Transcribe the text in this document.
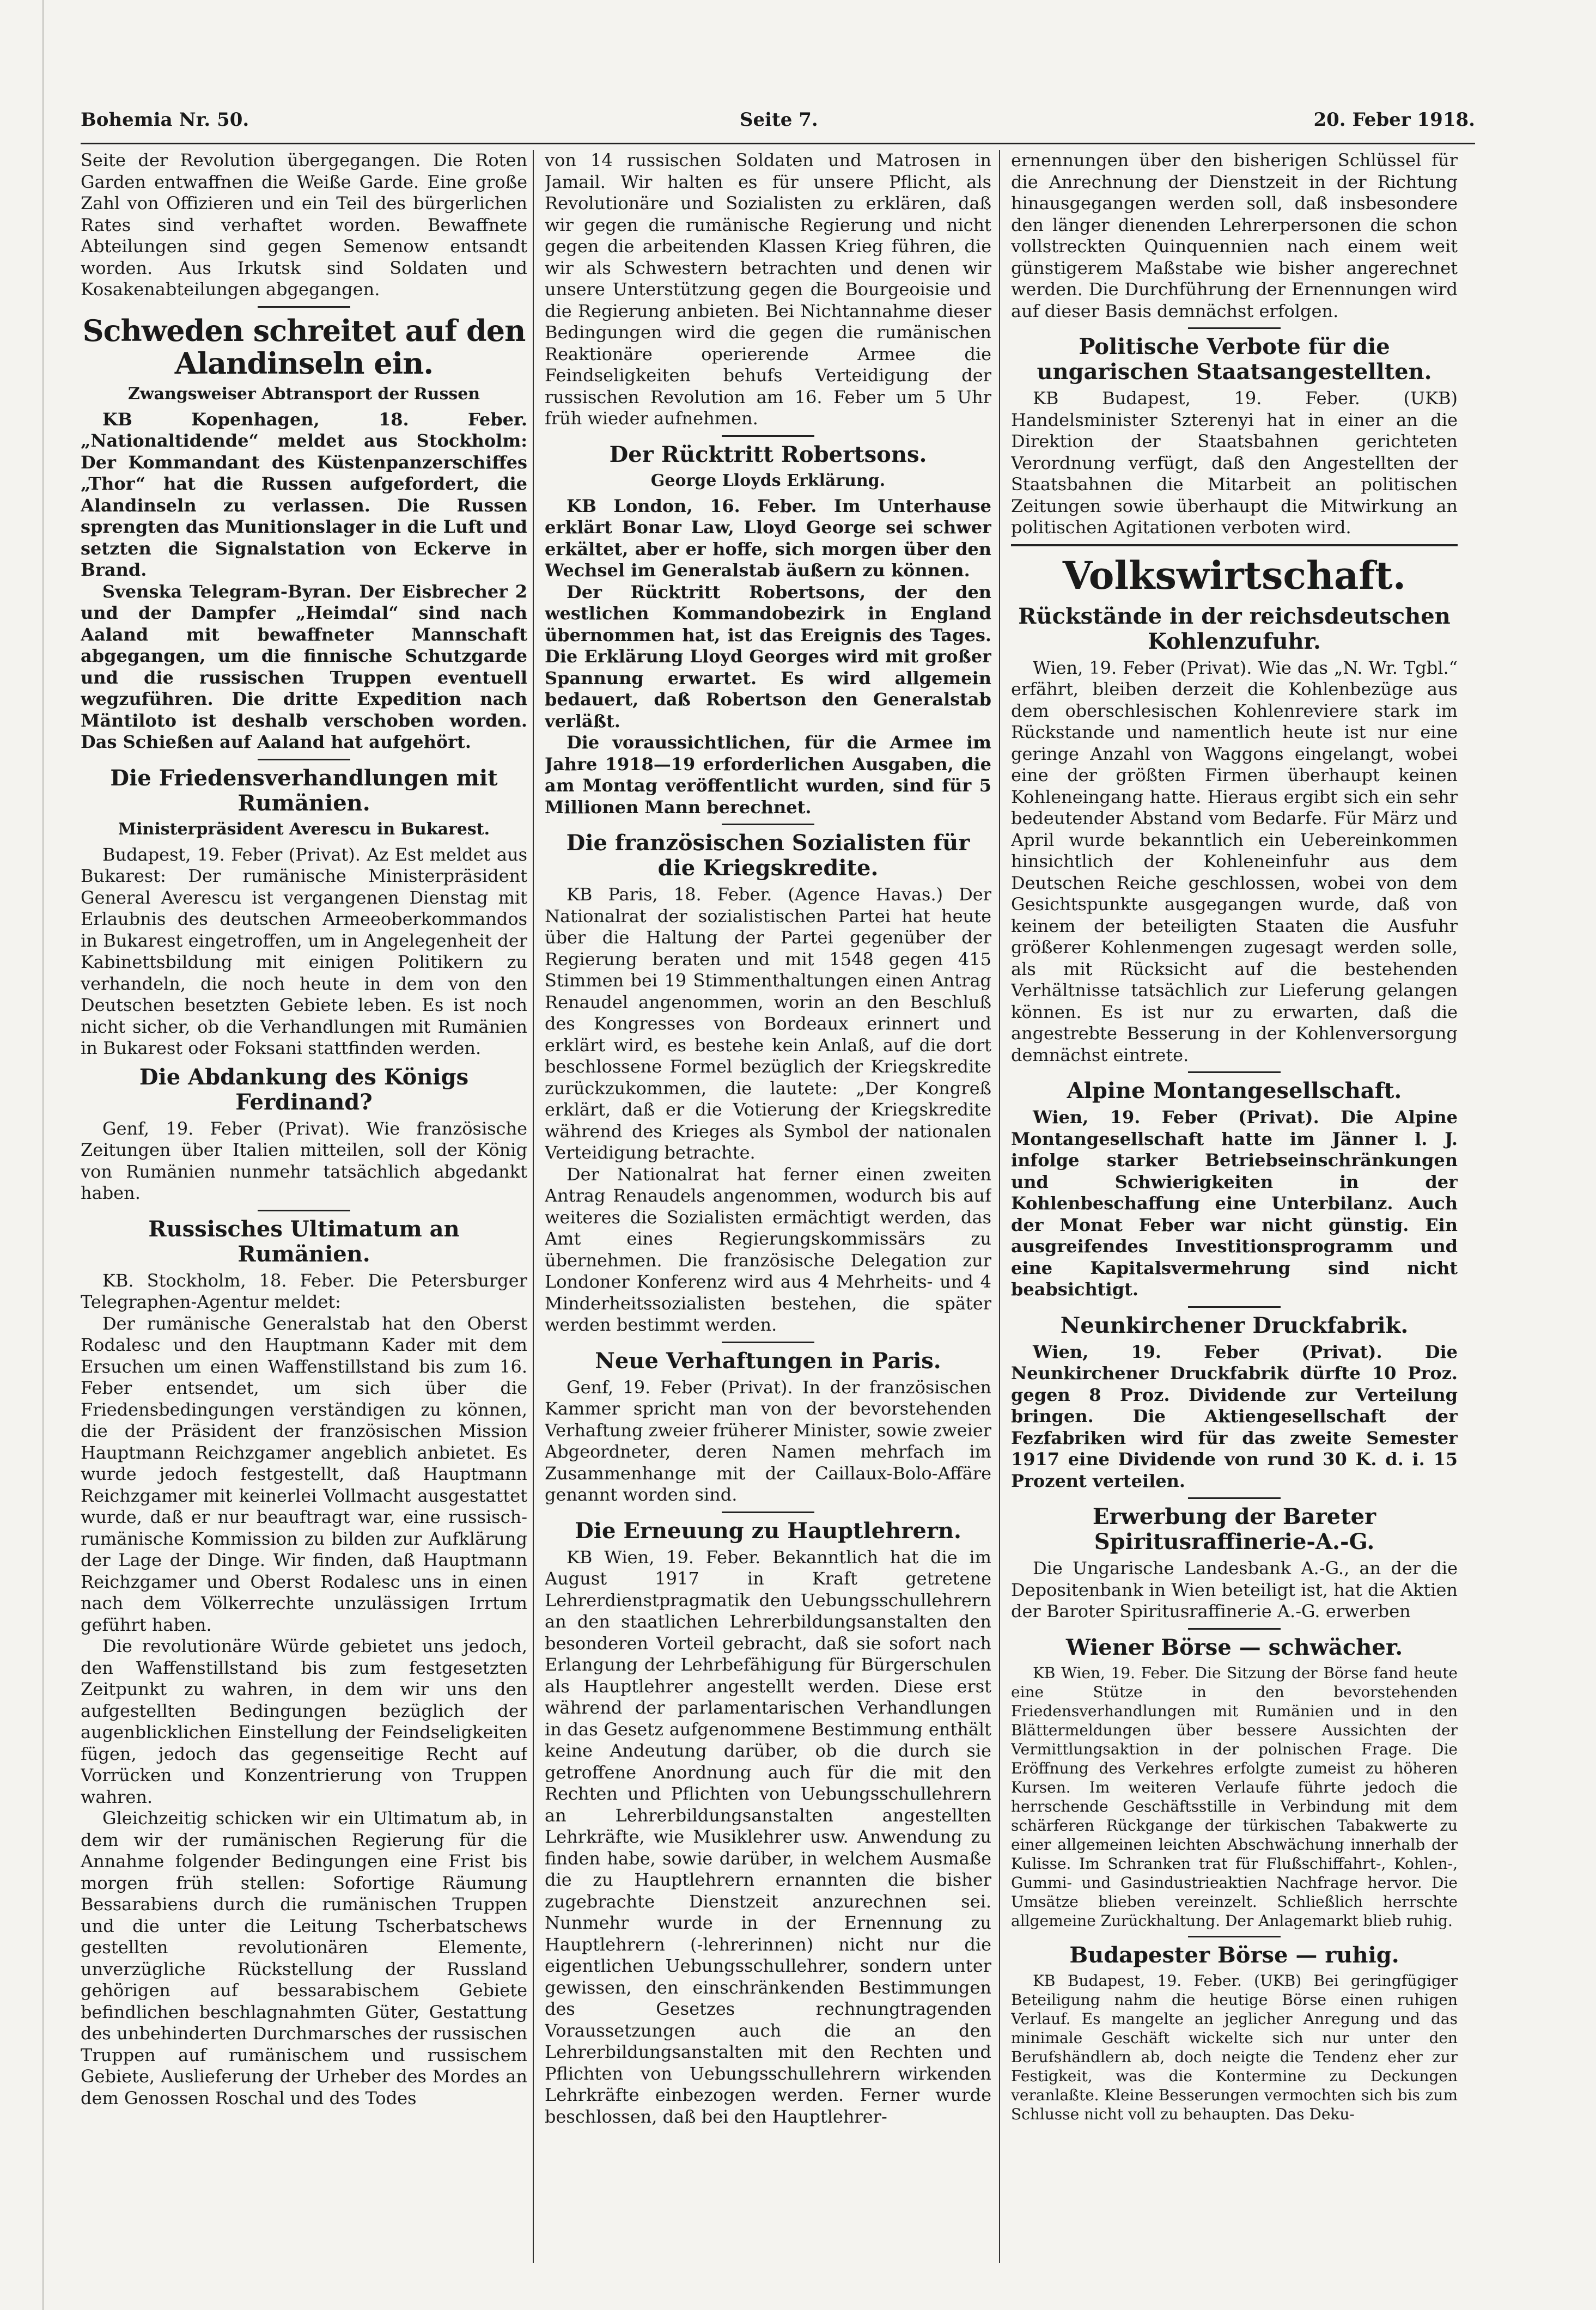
Bohemia Nr. 50.	Seite 7.	20. Feber 1918.

Seite der Revolution übergegangen. Die Roten Garden entwaffnen die Weiße Garde. Eine große Zahl von Offizieren und ein Teil des bürgerlichen Rates sind verhaftet worden. Bewaffnete Abteilungen sind gegen Semenow entsandt worden. Aus Irkutsk sind Soldaten und Kosakenabteilungen abgegangen.

Schweden schreitet auf den Alandinseln ein.
Zwangsweiser Abtransport der Russen

KB Kopenhagen, 18. Feber. „Nationaltidende“ meldet aus Stockholm: Der Kommandant des Küstenpanzerschiffes „Thor“ hat die Russen aufgefordert, die Alandinseln zu verlassen. Die Russen sprengten das Munitionslager in die Luft und setzten die Signalstation von Eckerve in Brand.

Svenska Telegram-Byran. Der Eisbrecher 2 und der Dampfer „Heimdal“ sind nach Aaland mit bewaffneter Mannschaft abgegangen, um die finnische Schutzgarde und die russischen Truppen eventuell wegzuführen. Die dritte Expedition nach Mäntiloto ist deshalb verschoben worden. Das Schießen auf Aaland hat aufgehört.

Die Friedensverhandlungen mit Rumänien.
Ministerpräsident Averescu in Bukarest.

Budapest, 19. Feber (Privat). Az Est meldet aus Bukarest: Der rumänische Ministerpräsident General Averescu ist vergangenen Dienstag mit Erlaubnis des deutschen Armeeoberkommandos in Bukarest eingetroffen, um in Angelegenheit der Kabinettsbildung mit einigen Politikern zu verhandeln, die noch heute in dem von den Deutschen besetzten Gebiete leben. Es ist noch nicht sicher, ob die Verhandlungen mit Rumänien in Bukarest oder Foksani stattfinden werden.

Die Abdankung des Königs Ferdinand?

Genf, 19. Feber (Privat). Wie französische Zeitungen über Italien mitteilen, soll der König von Rumänien nunmehr tatsächlich abgedankt haben.

Russisches Ultimatum an Rumänien.

KB. Stockholm, 18. Feber. Die Petersburger Telegraphen-Agentur meldet:

Der rumänische Generalstab hat den Oberst Rodalesc und den Hauptmann Kader mit dem Ersuchen um einen Waffenstillstand bis zum 16. Feber entsendet, um sich über die Friedensbedingungen verständigen zu können, die der Präsident der französischen Mission Hauptmann Reichzgamer angeblich anbietet. Es wurde jedoch festgestellt, daß Hauptmann Reichzgamer mit keinerlei Vollmacht ausgestattet wurde, daß er nur beauftragt war, eine russisch-rumänische Kommission zu bilden zur Aufklärung der Lage der Dinge. Wir finden, daß Hauptmann Reichzgamer und Oberst Rodalesc uns in einen nach dem Völkerrechte unzulässigen Irrtum geführt haben.

Die revolutionäre Würde gebietet uns jedoch, den Waffenstillstand bis zum festgesetzten Zeitpunkt zu wahren, in dem wir uns den aufgestellten Bedingungen bezüglich der augenblicklichen Einstellung der Feindseligkeiten fügen, jedoch das gegenseitige Recht auf Vorrücken und Konzentrierung von Truppen wahren.

Gleichzeitig schicken wir ein Ultimatum ab, in dem wir der rumänischen Regierung für die Annahme folgender Bedingungen eine Frist bis morgen früh stellen: Sofortige Räumung Bessarabiens durch die rumänischen Truppen und die unter die Leitung Tscherbatschews gestellten revolutionären Elemente, unverzügliche Rückstellung der Russland gehörigen auf bessarabischem Gebiete befindlichen beschlagnahmten Güter, Gestattung des unbehinderten Durchmarsches der russischen Truppen auf rumänischem und russischem Gebiete, Auslieferung der Urheber des Mordes an dem Genossen Roschal und des Todes

von 14 russischen Soldaten und Matrosen in Jamail. Wir halten es für unsere Pflicht, als Revolutionäre und Sozialisten zu erklären, daß wir gegen die rumänische Regierung und nicht gegen die arbeitenden Klassen Krieg führen, die wir als Schwestern betrachten und denen wir unsere Unterstützung gegen die Bourgeoisie und die Regierung anbieten. Bei Nichtannahme dieser Bedingungen wird die gegen die rumänischen Reaktionäre operierende Armee die Feindseligkeiten behufs Verteidigung der russischen Revolution am 16. Feber um 5 Uhr früh wieder aufnehmen.

Der Rücktritt Robertsons.
George Lloyds Erklärung.

KB London, 16. Feber. Im Unterhause erklärt Bonar Law, Lloyd George sei schwer erkältet, aber er hoffe, sich morgen über den Wechsel im Generalstab äußern zu können.

Der Rücktritt Robertsons, der den westlichen Kommandobezirk in England übernommen hat, ist das Ereignis des Tages. Die Erklärung Lloyd Georges wird mit großer Spannung erwartet. Es wird allgemein bedauert, daß Robertson den Generalstab verläßt.

Die voraussichtlichen, für die Armee im Jahre 1918—19 erforderlichen Ausgaben, die am Montag veröffentlicht wurden, sind für 5 Millionen Mann berechnet.

Die französischen Sozialisten für die Kriegskredite.

KB Paris, 18. Feber. (Agence Havas.) Der Nationalrat der sozialistischen Partei hat heute über die Haltung der Partei gegenüber der Regierung beraten und mit 1548 gegen 415 Stimmen bei 19 Stimmenthaltungen einen Antrag Renaudel angenommen, worin an den Beschluß des Kongresses von Bordeaux erinnert und erklärt wird, es bestehe kein Anlaß, auf die dort beschlossene Formel bezüglich der Kriegskredite zurückzukommen, die lautete: „Der Kongreß erklärt, daß er die Votierung der Kriegskredite während des Krieges als Symbol der nationalen Verteidigung betrachte.

Der Nationalrat hat ferner einen zweiten Antrag Renaudels angenommen, wodurch bis auf weiteres die Sozialisten ermächtigt werden, das Amt eines Regierungskommissärs zu übernehmen. Die französische Delegation zur Londoner Konferenz wird aus 4 Mehrheits- und 4 Minderheitssozialisten bestehen, die später werden bestimmt werden.

Neue Verhaftungen in Paris.

Genf, 19. Feber (Privat). In der französischen Kammer spricht man von der bevorstehenden Verhaftung zweier früherer Minister, sowie zweier Abgeordneter, deren Namen mehrfach im Zusammenhange mit der Caillaux-Bolo-Affäre genannt worden sind.

Die Erneuung zu Hauptlehrern.

KB Wien, 19. Feber. Bekanntlich hat die im August 1917 in Kraft getretene Lehrerdienstpragmatik den Uebungsschullehrern an den staatlichen Lehrerbildungsanstalten den besonderen Vorteil gebracht, daß sie sofort nach Erlangung der Lehrbefähigung für Bürgerschulen als Hauptlehrer angestellt werden. Diese erst während der parlamentarischen Verhandlungen in das Gesetz aufgenommene Bestimmung enthält keine Andeutung darüber, ob die durch sie getroffene Anordnung auch für die mit den Rechten und Pflichten von Uebungsschullehrern an Lehrerbildungsanstalten angestellten Lehrkräfte, wie Musiklehrer usw. Anwendung zu finden habe, sowie darüber, in welchem Ausmaße die zu Hauptlehrern ernannten die bisher zugebrachte Dienstzeit anzurechnen sei. Nunmehr wurde in der Ernennung zu Hauptlehrern (-lehrerinnen) nicht nur die eigentlichen Uebungsschullehrer, sondern unter gewissen, den einschränkenden Bestimmungen des Gesetzes rechnungtragenden Voraussetzungen auch die an den Lehrerbildungsanstalten mit den Rechten und Pflichten von Uebungsschullehrern wirkenden Lehrkräfte einbezogen werden. Ferner wurde beschlossen, daß bei den Hauptlehrer-

ernennungen über den bisherigen Schlüssel für die Anrechnung der Dienstzeit in der Richtung hinausgegangen werden soll, daß insbesondere den länger dienenden Lehrerpersonen die schon vollstreckten Quinquennien nach einem weit günstigerem Maßstabe wie bisher angerechnet werden. Die Durchführung der Ernennungen wird auf dieser Basis demnächst erfolgen.

Politische Verbote für die ungarischen Staatsangestellten.

KB Budapest, 19. Feber. (UKB) Handelsminister Szterenyi hat in einer an die Direktion der Staatsbahnen gerichteten Verordnung verfügt, daß den Angestellten der Staatsbahnen die Mitarbeit an politischen Zeitungen sowie überhaupt die Mitwirkung an politischen Agitationen verboten wird.

Volkswirtschaft.
Rückstände in der reichsdeutschen Kohlenzufuhr.

Wien, 19. Feber (Privat). Wie das „N. Wr. Tgbl.“ erfährt, bleiben derzeit die Kohlenbezüge aus dem oberschlesischen Kohlenreviere stark im Rückstande und namentlich heute ist nur eine geringe Anzahl von Waggons eingelangt, wobei eine der größten Firmen überhaupt keinen Kohleneingang hatte. Hieraus ergibt sich ein sehr bedeutender Abstand vom Bedarfe. Für März und April wurde bekanntlich ein Uebereinkommen hinsichtlich der Kohleneinfuhr aus dem Deutschen Reiche geschlossen, wobei von dem Gesichtspunkte ausgegangen wurde, daß von keinem der beteiligten Staaten die Ausfuhr größerer Kohlenmengen zugesagt werden solle, als mit Rücksicht auf die bestehenden Verhältnisse tatsächlich zur Lieferung gelangen können. Es ist nur zu erwarten, daß die angestrebte Besserung in der Kohlenversorgung demnächst eintrete.

Alpine Montangesellschaft.

Wien, 19. Feber (Privat). Die Alpine Montangesellschaft hatte im Jänner l. J. infolge starker Betriebseinschränkungen und Schwierigkeiten in der Kohlenbeschaffung eine Unterbilanz. Auch der Monat Feber war nicht günstig. Ein ausgreifendes Investitionsprogramm und eine Kapitalsvermehrung sind nicht beabsichtigt.

Neunkirchener Druckfabrik.

Wien, 19. Feber (Privat). Die Neunkirchener Druckfabrik dürfte 10 Proz. gegen 8 Proz. Dividende zur Verteilung bringen. Die Aktiengesellschaft der Fezfabriken wird für das zweite Semester 1917 eine Dividende von rund 30 K. d. i. 15 Prozent verteilen.

Erwerbung der Bareter Spiritusraffinerie-A.-G.

Die Ungarische Landesbank A.-G., an der die Depositenbank in Wien beteiligt ist, hat die Aktien der Baroter Spiritusraffinerie A.-G. erwerben

Wiener Börse — schwächer.

KB Wien, 19. Feber. Die Sitzung der Börse fand heute eine Stütze in den bevorstehenden Friedensverhandlungen mit Rumänien und in den Blättermeldungen über bessere Aussichten der Vermittlungsaktion in der polnischen Frage. Die Eröffnung des Verkehres erfolgte zumeist zu höheren Kursen. Im weiteren Verlaufe führte jedoch die herrschende Geschäftsstille in Verbindung mit dem schärferen Rückgange der türkischen Tabakwerte zu einer allgemeinen leichten Abschwächung innerhalb der Kulisse. Im Schranken trat für Flußschiffahrt-, Kohlen-, Gummi- und Gasindustrieaktien Nachfrage hervor. Die Umsätze blieben vereinzelt. Schließlich herrschte allgemeine Zurückhaltung. Der Anlagemarkt blieb ruhig.

Budapester Börse — ruhig.

KB Budapest, 19. Feber. (UKB) Bei geringfügiger Beteiligung nahm die heutige Börse einen ruhigen Verlauf. Es mangelte an jeglicher Anregung und das minimale Geschäft wickelte sich nur unter den Berufshändlern ab, doch neigte die Tendenz eher zur Festigkeit, was die Kontermine zu Deckungen veranlaßte. Kleine Besserungen vermochten sich bis zum Schlusse nicht voll zu behaupten. Das Deku-
